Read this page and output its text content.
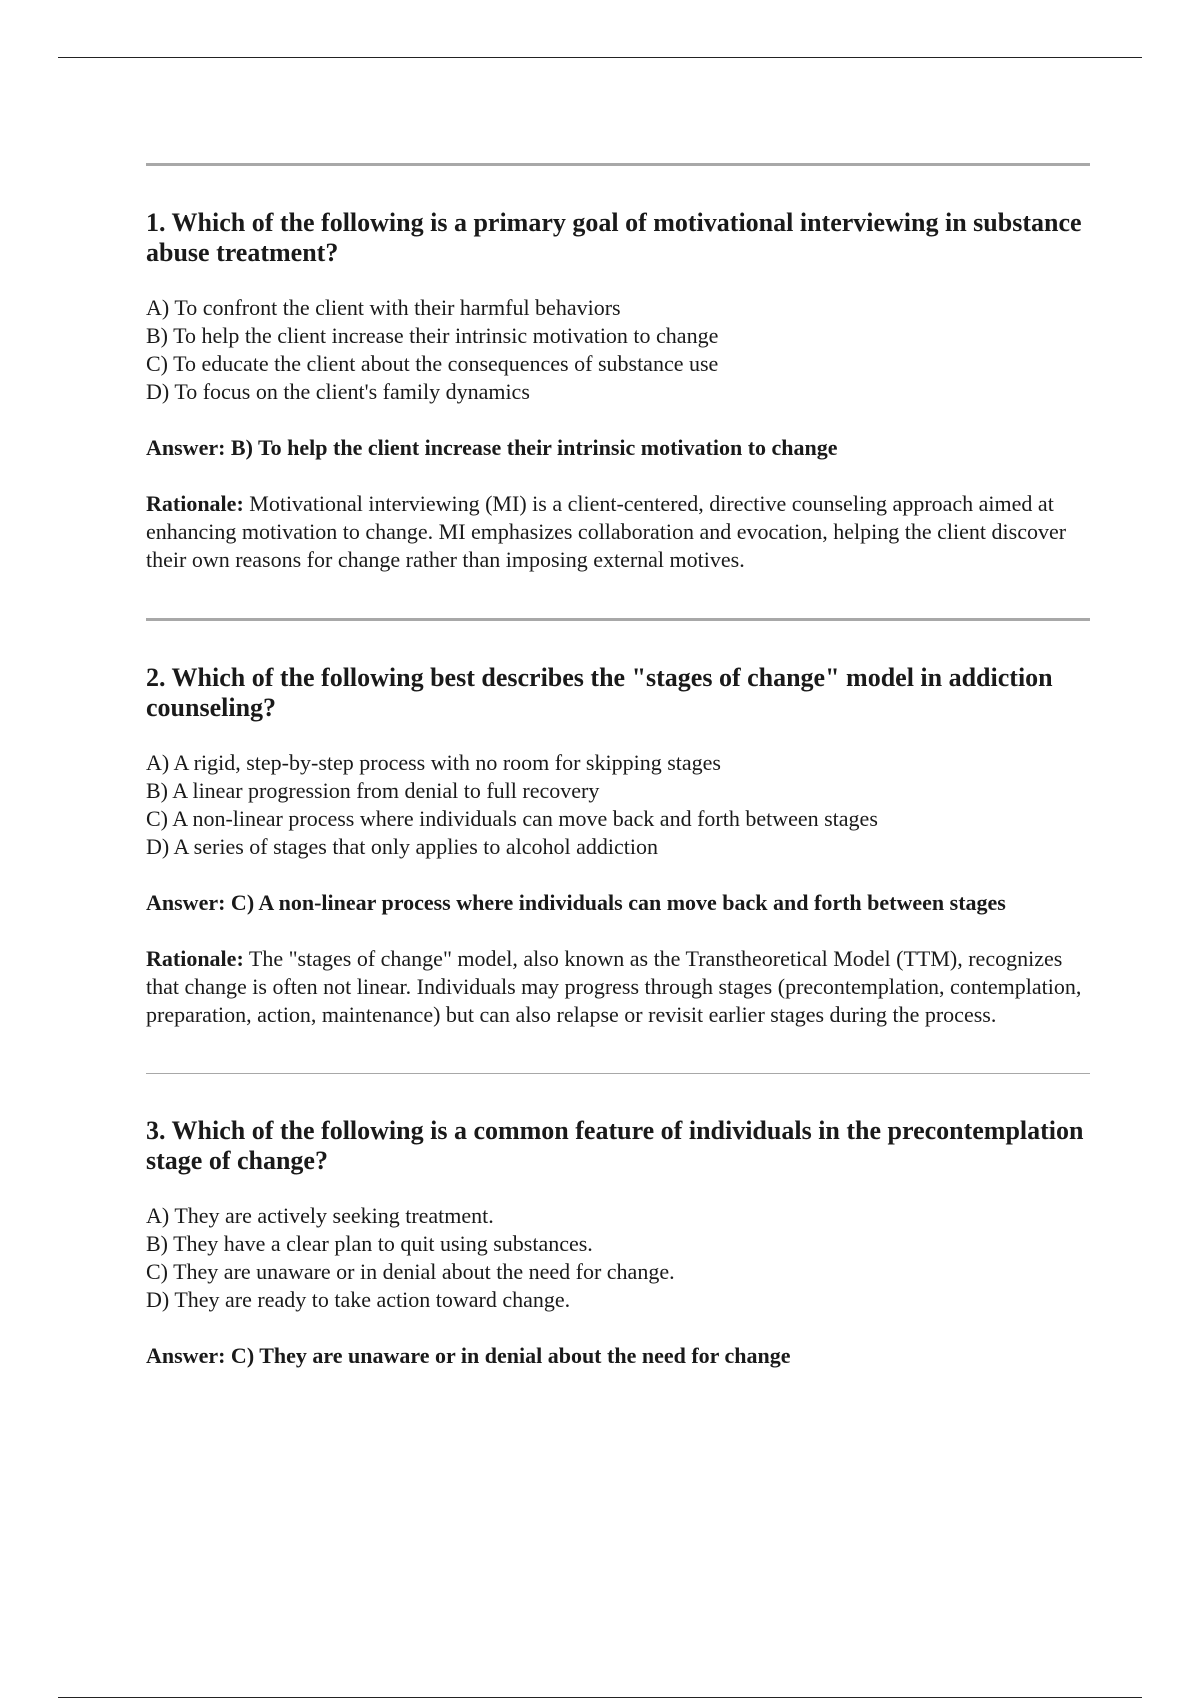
1. Which of the following is a primary goal of motivational interviewing in substance abuse treatment?
A) To confront the client with their harmful behaviors
B) To help the client increase their intrinsic motivation to change
C) To educate the client about the consequences of substance use
D) To focus on the client's family dynamics

Answer: B) To help the client increase their intrinsic motivation to change

Rationale: Motivational interviewing (MI) is a client-centered, directive counseling approach aimed at enhancing motivation to change. MI emphasizes collaboration and evocation, helping the client discover their own reasons for change rather than imposing external motives.

2. Which of the following best describes the "stages of change" model in addiction counseling?
A) A rigid, step-by-step process with no room for skipping stages
B) A linear progression from denial to full recovery
C) A non-linear process where individuals can move back and forth between stages
D) A series of stages that only applies to alcohol addiction

Answer: C) A non-linear process where individuals can move back and forth between stages

Rationale: The "stages of change" model, also known as the Transtheoretical Model (TTM), recognizes that change is often not linear. Individuals may progress through stages (precontemplation, contemplation, preparation, action, maintenance) but can also relapse or revisit earlier stages during the process.

3. Which of the following is a common feature of individuals in the precontemplation stage of change?
A) They are actively seeking treatment.
B) They have a clear plan to quit using substances.
C) They are unaware or in denial about the need for change.
D) They are ready to take action toward change.

Answer: C) They are unaware or in denial about the need for change
